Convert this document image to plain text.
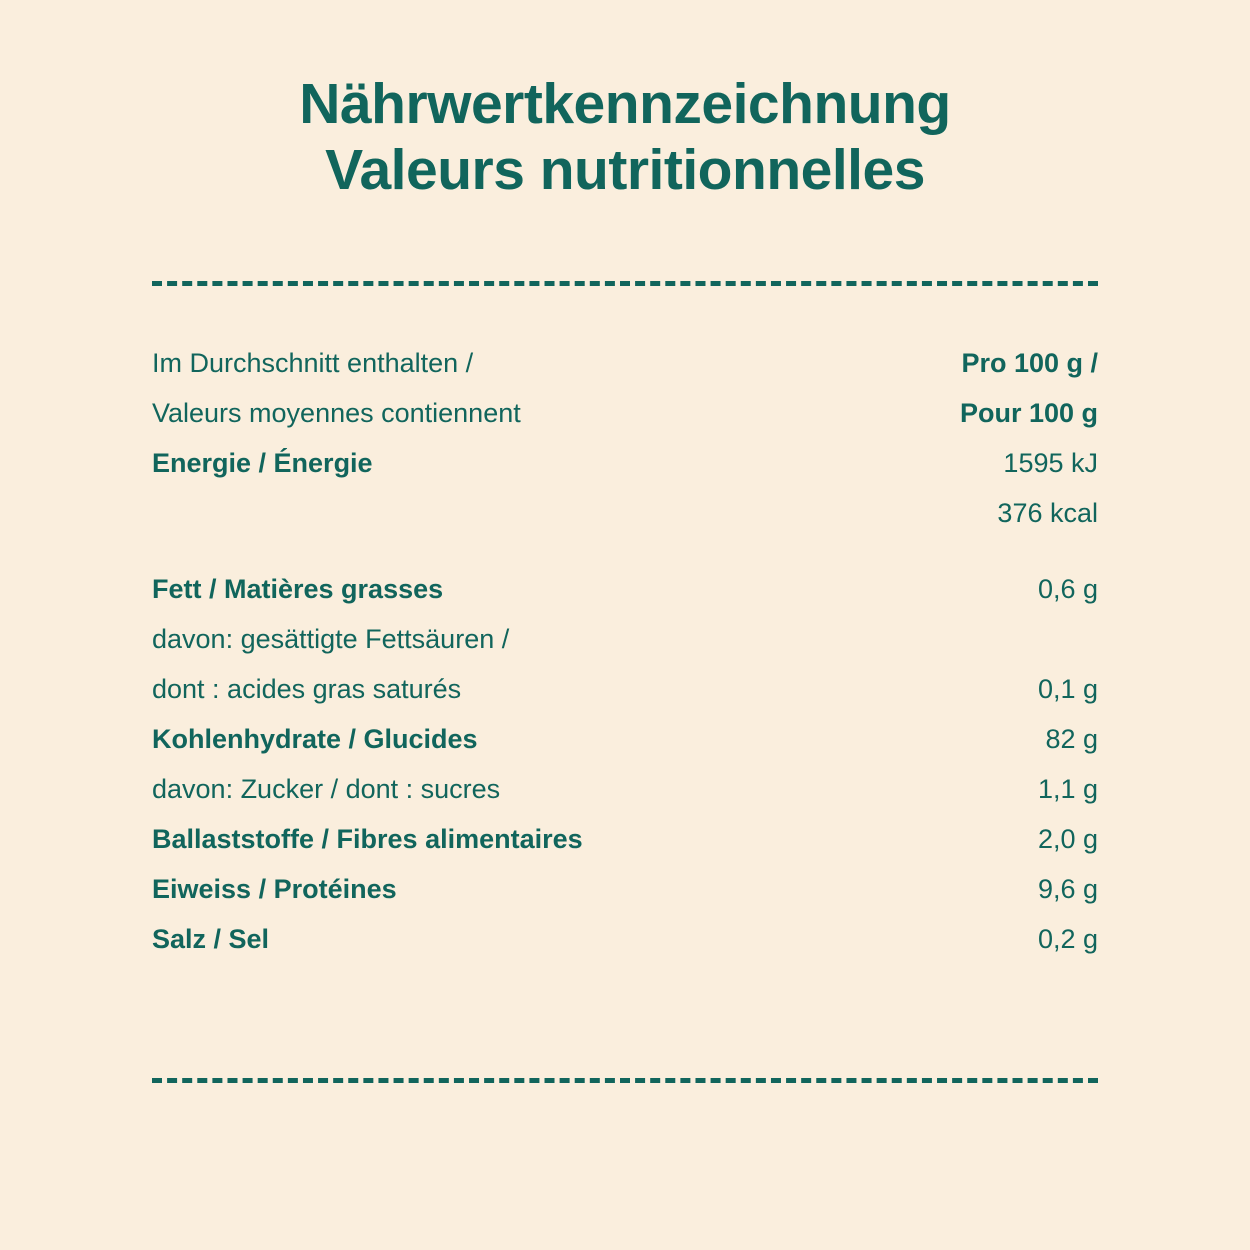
Nährwertkennzeichnung
Valeurs nutritionnelles
Im Durchschnitt enthalten /	Pro 100 g /
Valeurs moyennes contiennent	Pour 100 g
Energie / Énergie	1595 kJ
376 kcal
Fett / Matières grasses	0,6 g
davon: gesättigte Fettsäuren /
dont : acides gras saturés	0,1 g
Kohlenhydrate / Glucides	82 g
davon: Zucker / dont : sucres	1,1 g
Ballaststoffe / Fibres alimentaires	2,0 g
Eiweiss / Protéines	9,6 g
Salz / Sel	0,2 g
